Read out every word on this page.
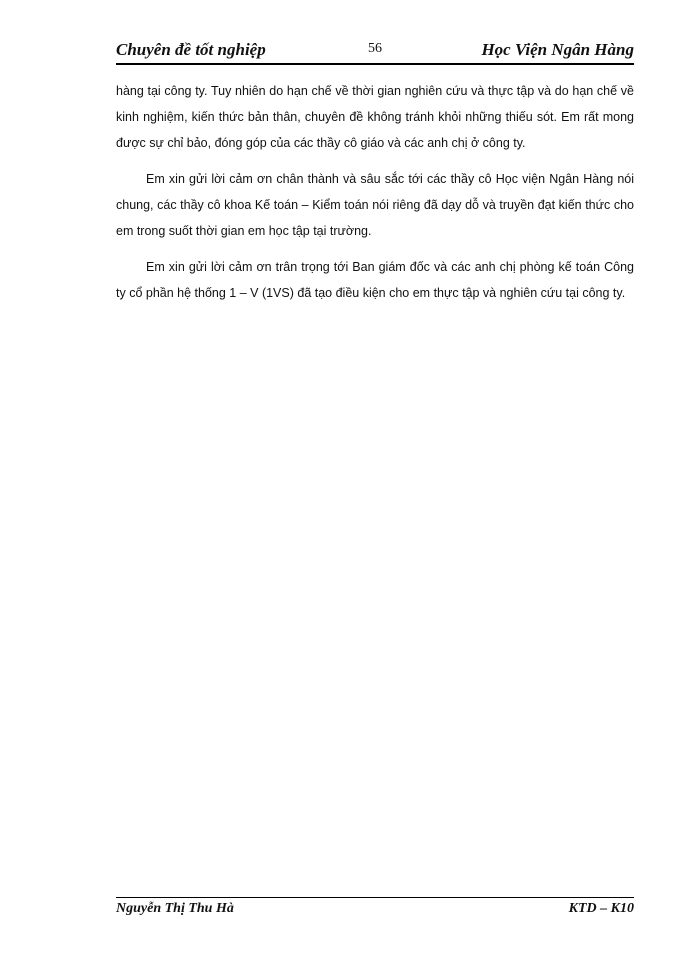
Chuyên đề tốt nghiệp	56	Học Viện Ngân Hàng

hàng tại công ty. Tuy nhiên do hạn chế về thời gian nghiên cứu và thực tập và do hạn chế về kinh nghiệm, kiến thức bản thân, chuyên đề không tránh khỏi những thiếu sót. Em rất mong được sự chỉ bảo, đóng góp của các thầy cô giáo và các anh chị ở công ty.

Em xin gửi lời cảm ơn chân thành và sâu sắc tới các thầy cô Học viện Ngân Hàng nói chung, các thầy cô khoa Kế toán – Kiểm toán nói riêng đã dạy dỗ và truyền đạt kiến thức cho em trong suốt thời gian em học tập tại trường.

Em xin gửi lời cảm ơn trân trọng tới Ban giám đốc và các anh chị phòng kế toán Công ty cổ phần hệ thống 1 – V (1VS) đã tạo điều kiện cho em thực tập và nghiên cứu tại công ty.

Nguyễn Thị Thu Hà	KTD – K10
